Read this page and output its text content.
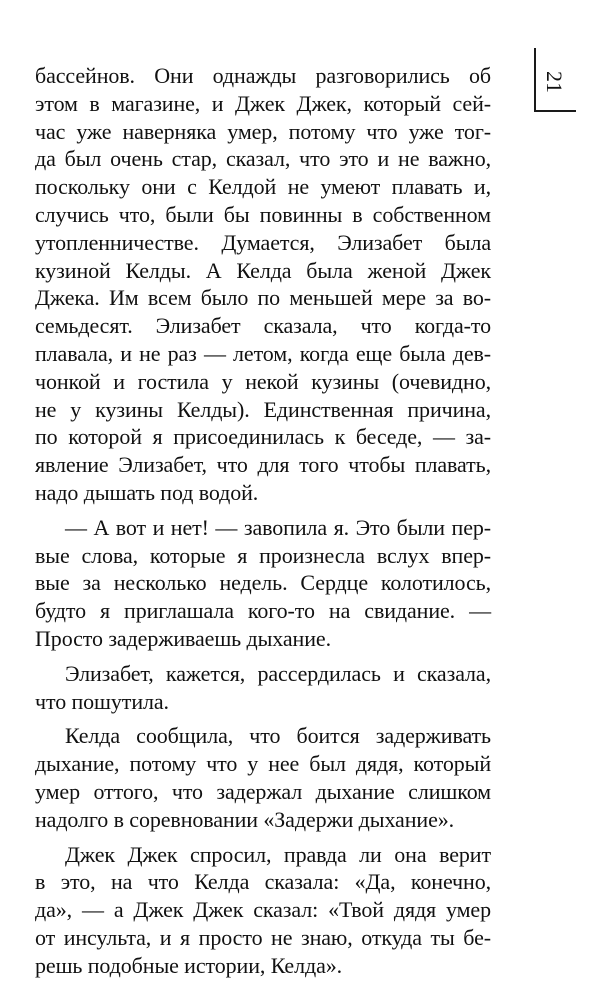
21
бассейнов. Они однажды разговорились об
этом в магазине, и Джек Джек, который сей-
час уже наверняка умер, потому что уже тог-
да был очень стар, сказал, что это и не важно,
поскольку они с Келдой не умеют плавать и,
случись что, были бы повинны в собственном
утопленничестве. Думается, Элизабет была
кузиной Келды. А Келда была женой Джек
Джека. Им всем было по меньшей мере за во-
семьдесят. Элизабет сказала, что когда-то
плавала, и не раз — летом, когда еще была дев-
чонкой и гостила у некой кузины (очевидно,
не у кузины Келды). Единственная причина,
по которой я присоединилась к беседе, — за-
явление Элизабет, что для того чтобы плавать,
надо дышать под водой.
— А вот и нет! — завопила я. Это были пер-
вые слова, которые я произнесла вслух впер-
вые за несколько недель. Сердце колотилось,
будто я приглашала кого-то на свидание. —
Просто задерживаешь дыхание.
Элизабет, кажется, рассердилась и сказала,
что пошутила.
Келда сообщила, что боится задерживать
дыхание, потому что у нее был дядя, который
умер оттого, что задержал дыхание слишком
надолго в соревновании «Задержи дыхание».
Джек Джек спросил, правда ли она верит
в это, на что Келда сказала: «Да, конечно,
да», — а Джек Джек сказал: «Твой дядя умер
от инсульта, и я просто не знаю, откуда ты бе-
решь подобные истории, Келда».
